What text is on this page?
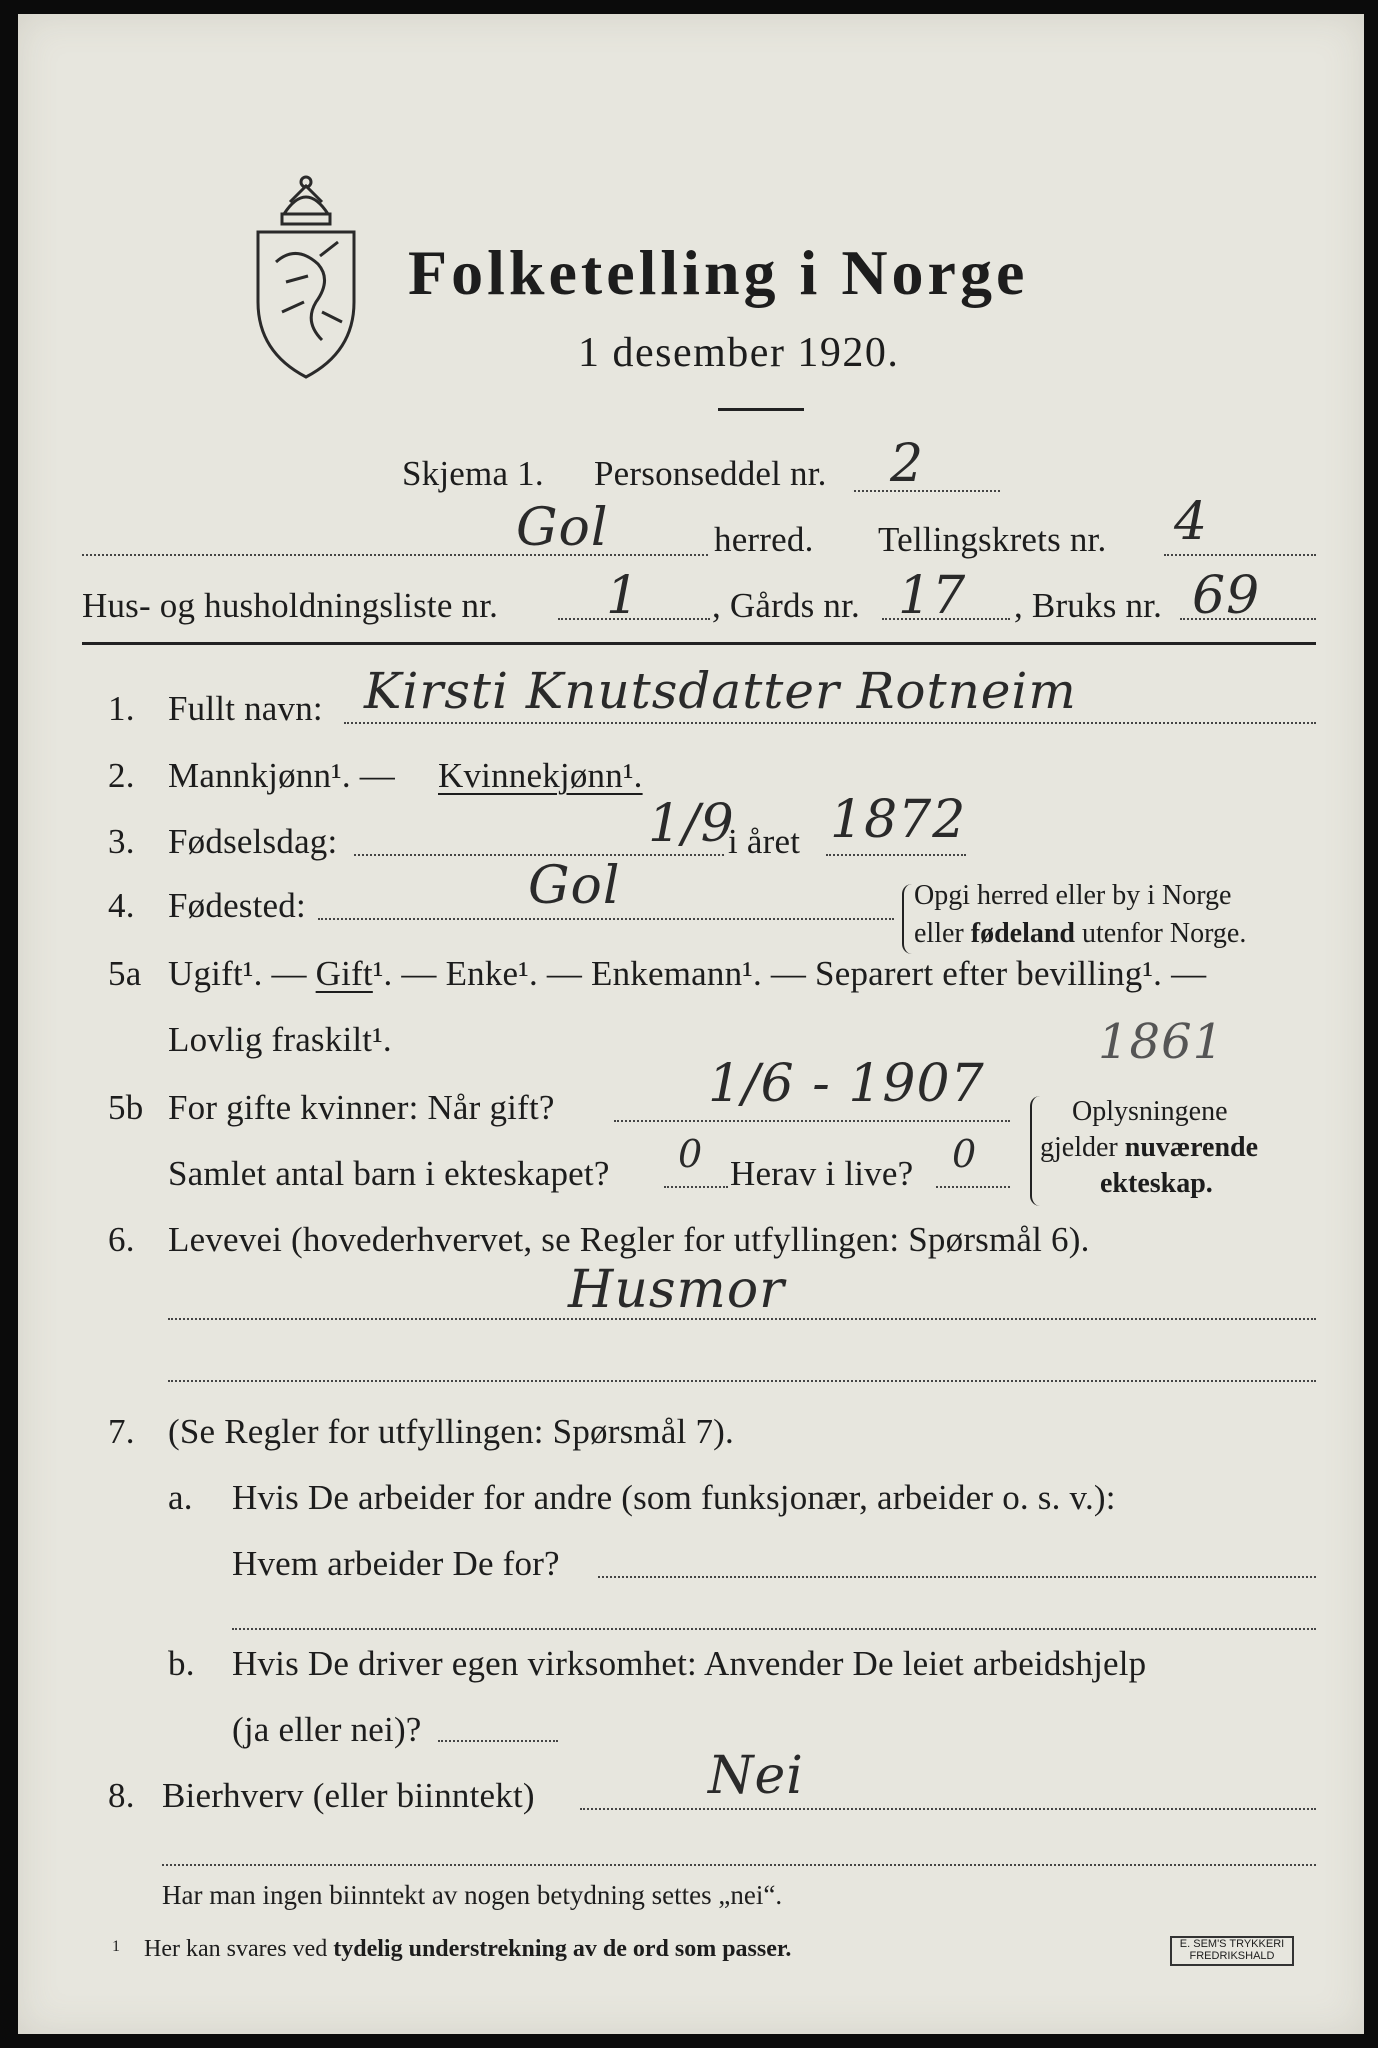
Folketelling i Norge
1 desember 1920.
Skjema 1. Personseddel nr. 2
Gol	herred. Tellingskrets nr. 4
Hus- og husholdningsliste nr. 1 , Gårds nr. 17 , Bruks nr. 69
1. Fullt navn: Kirsti Knutsdatter Rotneim
2. Mannkjønn¹. — Kvinnekjønn¹.
3. Fødselsdag:	1/9
i året 1872
4. Fødested:	Gol	Opgi herred eller by i Norge
eller fødeland utenfor Norge.
5a Ugift¹. — Gift¹. — Enke¹. — Enkemann¹. — Separert efter bevilling¹. —
Lovlig fraskilt¹.
5b For gifte kvinner: Når gift?	1/6 - 1907
1861
Samlet antal barn i ekteskapet? 0 Herav i live? 0
Oplysningene
gjelder nuværende
ekteskap.
6. Levevei (hovederhvervet, se Regler for utfyllingen: Spørsmål 6).
Husmor
7. (Se Regler for utfyllingen: Spørsmål 7).
a. Hvis De arbeider for andre (som funksjonær, arbeider o. s. v.):
Hvem arbeider De for?
b. Hvis De driver egen virksomhet: Anvender De leiet arbeidshjelp
(ja eller nei)?
8. Bierhverv (eller biinntekt)	Nei
Har man ingen biinntekt av nogen betydning settes „nei“.
1 Her kan svares ved tydelig understrekning av de ord som passer.	E. SEM'S TRYKKERI FREDRIKSHALD
